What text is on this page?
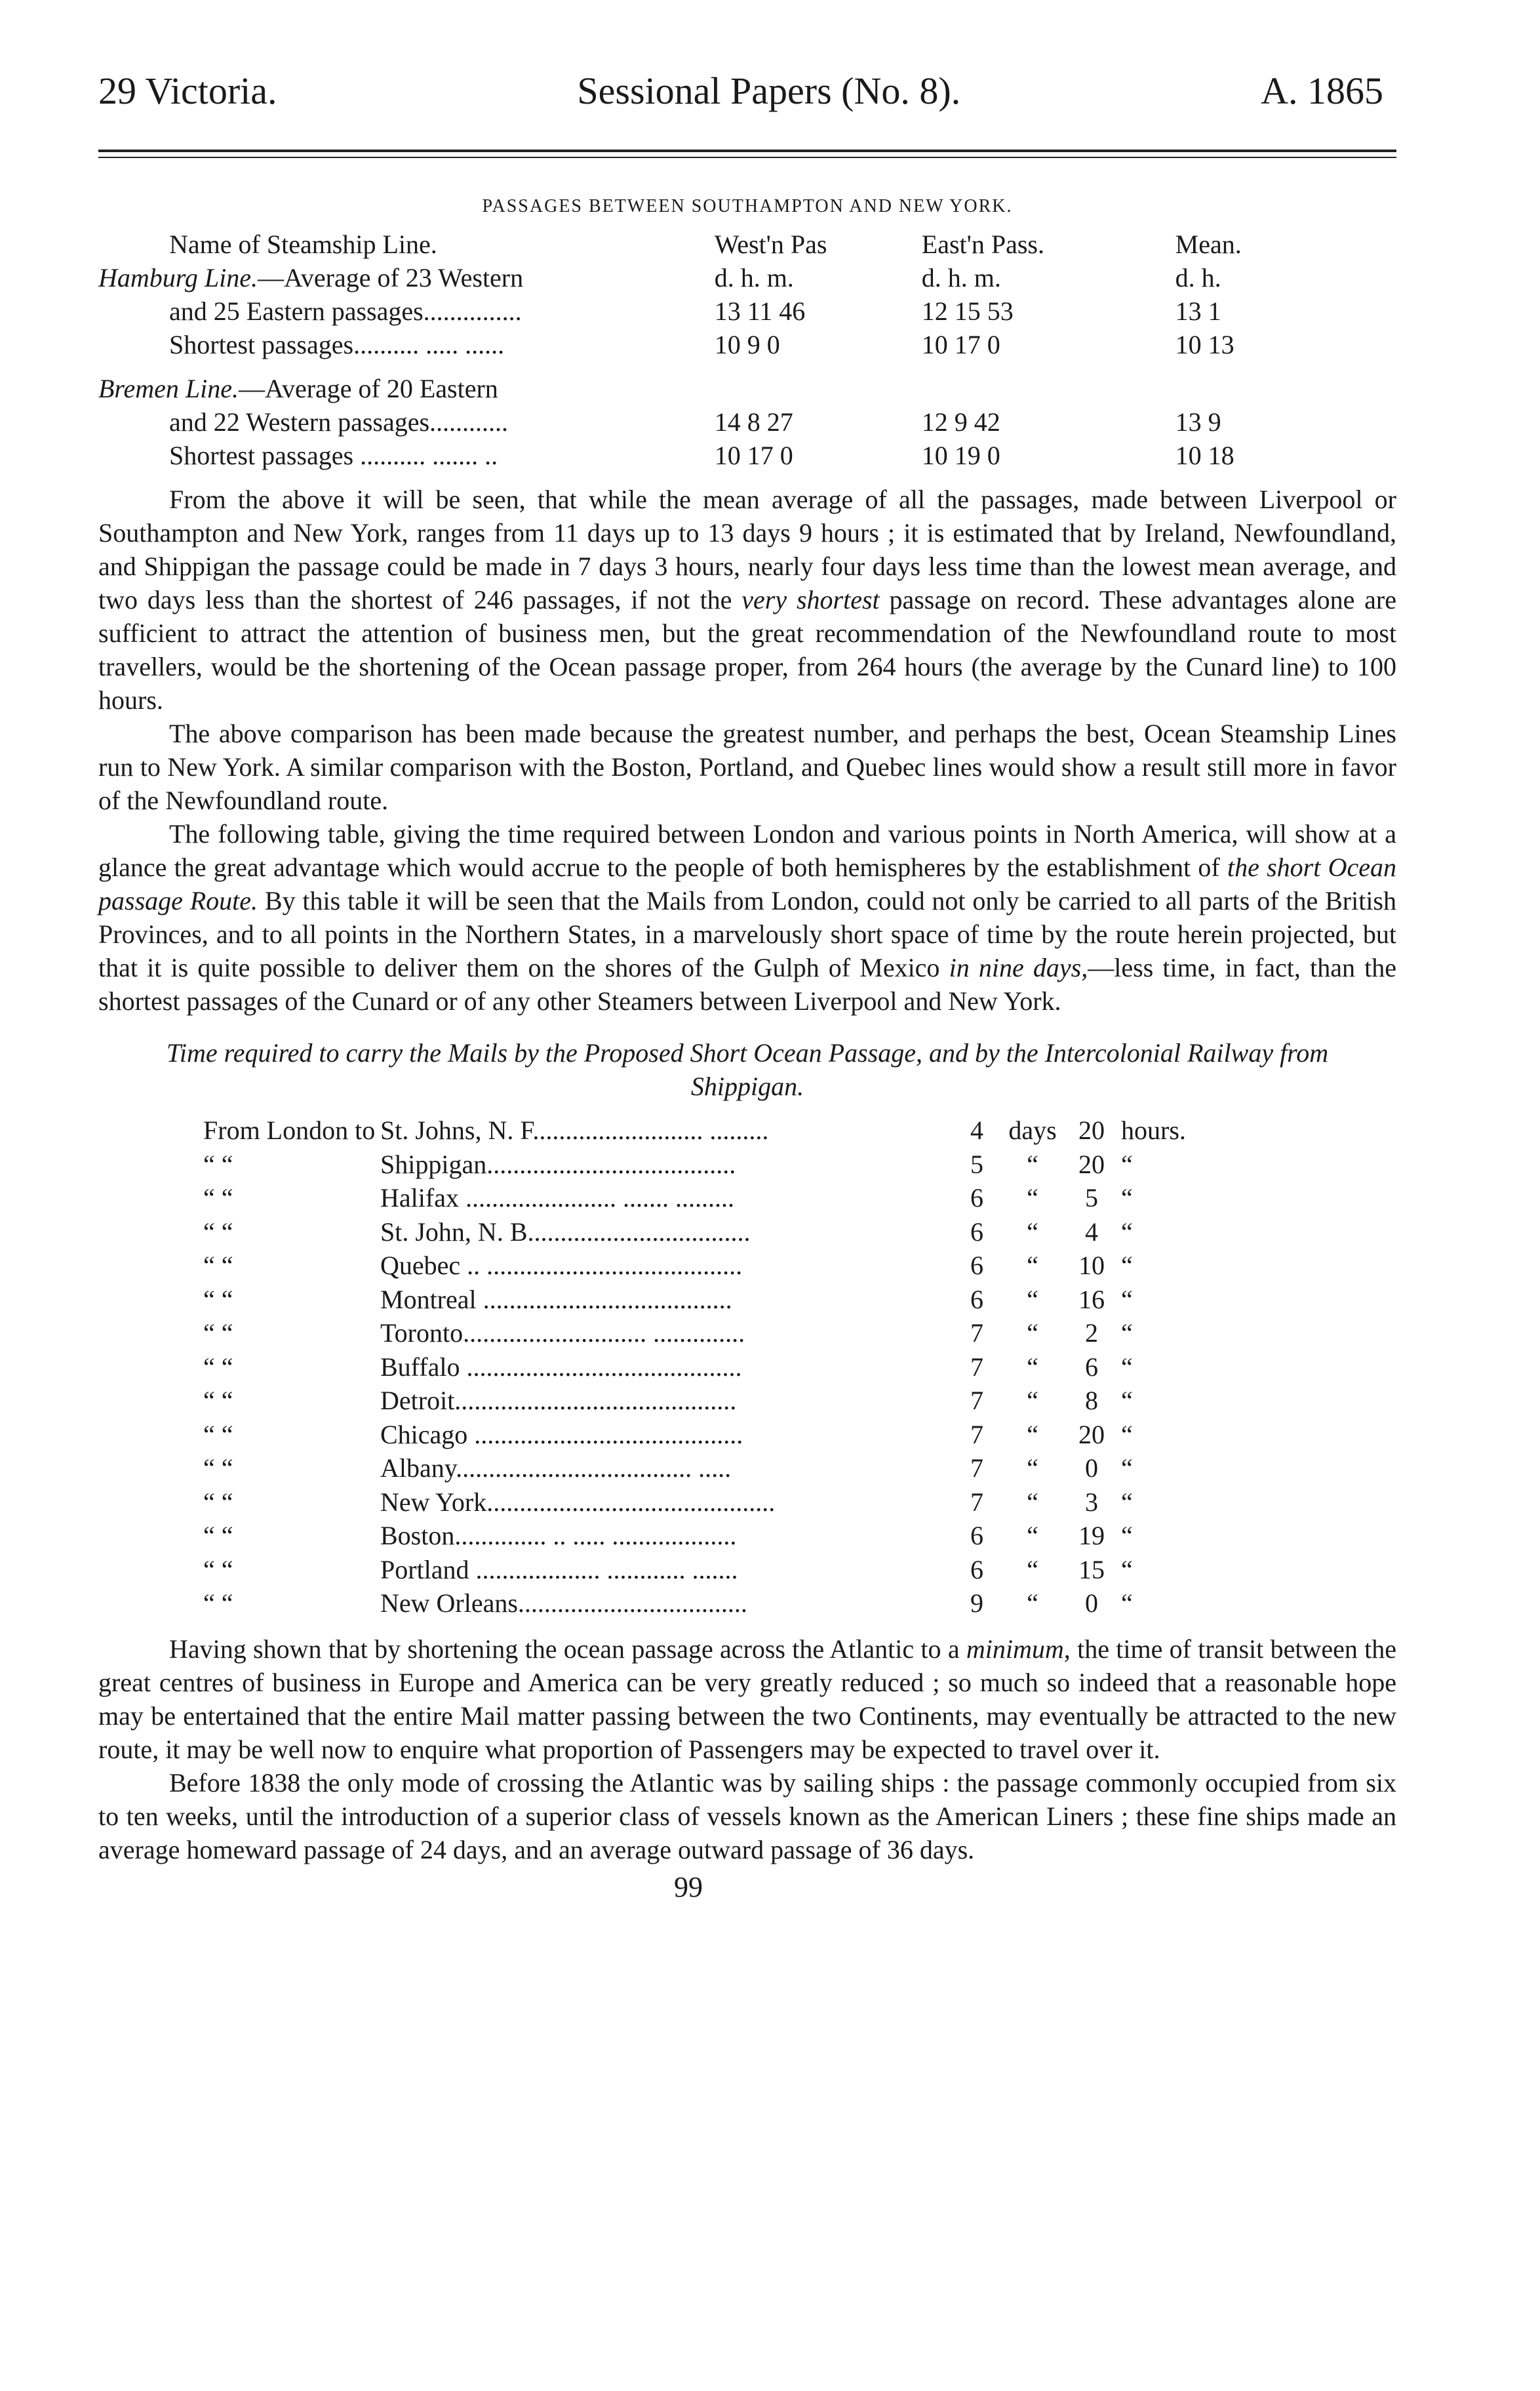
29 Victoria.	Sessional Papers (No. 8).	A. 1865
PASSAGES BETWEEN SOUTHAMPTON AND NEW YORK.
Name of Steamship Line.	West'n Pas	East'n Pass.	Mean.
Hamburg Line.—Average of 23 Western	d. h. m.	d. h. m.	d. h.
and 25 Eastern passages...............	13 11 46	12 15 53	13 1
Shortest passages.......... ..... ......	10 9 0	10 17 0	10 13

Bremen Line.—Average of 20 Eastern			
and 22 Western passages............	14 8 27	12 9 42	13 9
Shortest passages .......... ....... ..	10 17 0	10 19 0	10 18

From the above it will be seen, that while the mean average of all the passages, made between Liverpool or Southampton and New York, ranges from 11 days up to 13 days 9 hours ; it is estimated that by Ireland, Newfoundland, and Shippigan the passage could be made in 7 days 3 hours, nearly four days less time than the lowest mean average, and two days less than the shortest of 246 passages, if not the very shortest passage on record. These advantages alone are sufficient to attract the attention of business men, but the great recommendation of the Newfoundland route to most travellers, would be the shortening of the Ocean passage proper, from 264 hours (the average by the Cunard line) to 100 hours.

The above comparison has been made because the greatest number, and perhaps the best, Ocean Steamship Lines run to New York. A similar comparison with the Boston, Portland, and Quebec lines would show a result still more in favor of the Newfoundland route.

The following table, giving the time required between London and various points in North America, will show at a glance the great advantage which would accrue to the people of both hemispheres by the establishment of the short Ocean passage Route. By this table it will be seen that the Mails from London, could not only be carried to all parts of the British Provinces, and to all points in the Northern States, in a marvelously short space of time by the route herein projected, but that it is quite possible to deliver them on the shores of the Gulph of Mexico in nine days,—less time, in fact, than the shortest passages of the Cunard or of any other Steamers between Liverpool and New York.

Time required to carry the Mails by the Proposed Short Ocean Passage, and by the Intercolonial Railway from Shippigan.
From London to	St. Johns, N. F.......................... .........	4	days	20	hours.
“ “	Shippigan......................................	5	“	20	“
“ “	Halifax ....................... ....... .........	6	“	5	“
“ “	St. John, N. B..................................	6	“	4	“
“ “	Quebec .. .......................................	6	“	10	“
“ “	Montreal ......................................	6	“	16	“
“ “	Toronto............................ ..............	7	“	2	“
“ “	Buffalo ..........................................	7	“	6	“
“ “	Detroit...........................................	7	“	8	“
“ “	Chicago .........................................	7	“	20	“
“ “	Albany.................................... .....	7	“	0	“
“ “	New York............................................	7	“	3	“
“ “	Boston.............. .. ..... ...................	6	“	19	“
“ “	Portland ................... ............ .......	6	“	15	“
“ “	New Orleans...................................	9	“	0	“

Having shown that by shortening the ocean passage across the Atlantic to a minimum, the time of transit between the great centres of business in Europe and America can be very greatly reduced ; so much so indeed that a reasonable hope may be entertained that the entire Mail matter passing between the two Continents, may eventually be attracted to the new route, it may be well now to enquire what proportion of Passengers may be expected to travel over it.

Before 1838 the only mode of crossing the Atlantic was by sailing ships : the passage commonly occupied from six to ten weeks, until the introduction of a superior class of vessels known as the American Liners ; these fine ships made an average homeward passage of 24 days, and an average outward passage of 36 days.

99
